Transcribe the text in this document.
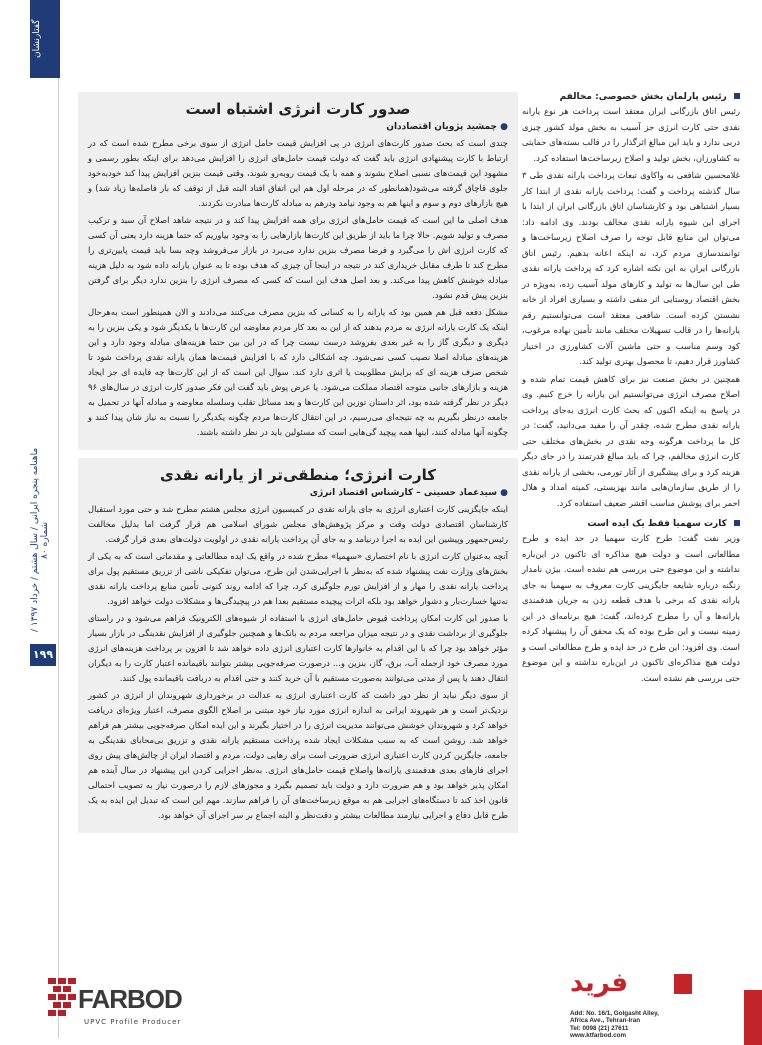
گفتارنشان
ماهنامه پنجره ایرانی / سال هشتم / خرداد ۱۳۹۷ / شماره ۸۰
۱۹۹
صدور کارت انرژی اشتباه است
● چمشید پژویان اقتصاددان

چندی است که بحث صدور کارت‌های انرژی در پی افزایش قیمت حامل انرژی از سوی برخی مطرح شده است که در ارتباط با کارت پیشنهادی انرژی باید گفت که دولت قیمت حامل‌های انرژی را افزایش می‌دهد برای اینکه بطور رسمی و مشهود این قیمت‌های نسبی اصلاح بشوند و همه با یک قیمت روبه‌رو شوند، وقتی قیمت بنزین افزایش پیدا کند خودبه‌خود جلوی قاچاق گرفته می‌شود(همانطور که در مرحله اول هم این اتفاق افتاد البته قبل از توقف که بار فاصله‌ها زیاد شد) و هیچ بازارهای دوم و سوم و اینها هم به وجود نیامد ودرهم به مبادله کارت‌ها مبادرت نکردند.

هدف اصلی ما این است که قیمت حامل‌های انرژی برای همه افزایش پیدا کند و در نتیجه شاهد اصلاح آن سبد و ترکیب مصرف و تولید شویم. حالا چرا ما باید از طریق این کارت‌ها بازارهایی را به وجود بیاوریم که حتما هزینه دارد یعنی آن کسی که کارت انرژی اش را می‌گیرد و فرضا مصرف بنزین ندارد می‌برد در بازار می‌فروشد وچه بسا باید قیمت پایین‌تری را مطرح کند تا طرف مقابل خریداری کند در نتیجه در اینجا آن چیزی که هدف بوده تا به عنوان یارانه داده شود به دلیل هزینه مبادله خوشش کاهش پیدا می‌کند. و بعد اصل هدف این است که کسی که مصرف انرژی را بنزین ندارد دیگر برای گرفتن بنزین پیش قدم نشود.

مشکل دفعه قبل هم همین بود که یارانه را به کسانی که بنزین مصرف می‌کنند می‌دادند و الان همینطور است به‌هرحال اینکه یک کارت یارانه انرژی به مردم بدهند که از این به بعد کار مردم معاوضه این کارت‌ها با یکدیگر شود و یکی بنزین را به دیگری و دیگری گاز را به غیر بعدی بفروشد درست نیست چرا که در این بین حتما هزینه‌های مبادله وجود دارد و این هزینه‌های مبادله اصلا نصیب کسی نمی‌شود. چه اشکالی دارد که با افزایش قیمت‌ها همان یارانه نقدی پرداخت شود تا شخص صرف هزینه ای که برایش مطلوبیت یا اثری دارد کند. سوال این است که از این کارت‌ها چه فایده ای جز ایجاد هزینه و بازارهای جانبی متوجه اقتصاد مملکت می‌شود. یا عرض پوش باید گفت این فکر صدور کارت انرژی در سال‌های ۹۶ دیگر در نظر گرفته شده بود، اثر داستان توزین این کارت‌ها و بعد مسائل تقلب وسلسله معاوضه و مبادله آنها در تحمیل به جامعه درنظر بگیریم به چه نتیجه‌ای می‌رسیم، در این انتقال کارت‌ها مردم چگونه یکدیگر را نسبت به نیاز شان پیدا کنند و چگونه آنها مبادله کنند، اینها همه پیچید گی‌هایی است که مسئولین باید در نظر داشته باشند.

کارت انرژی؛ منطقی‌تر از یارانه نقدی
● سیدعماد حسینی – کارشناس اقتصاد انرژی

اینکه جایگزینی کارت اعتباری انرژی به جای یارانه نقدی در کمیسیون انرژی مجلس هشتم مطرح شد و حتی مورد استقبال کارشناسان اقتصادی دولت وقت و مرکز پژوهش‌های مجلس شورای اسلامی هم قرار گرفت اما بدلیل مخالفت رئیس‌جمهور وپیشین این ایده به اجرا درنیامد و به جای آن پرداخت یارانه نقدی در اولویت دولت‌های بعدی قرار گرفت.

آنچه به‌عنوان کارت انرژی با نام اختصاری «سهمیا» مطرح شده در واقع یک ایده مطالعاتی و مقدماتی است که به یکی از بخش‌های وزارت نفت پیشنهاد شده که به‌نظر با اجرایی‌شدن این طرح، می‌توان تفکیکی ناشی از تزریق مستقیم پول برای پرداخت یارانه نقدی را مهار و از افزایش تورم جلوگیری کرد، چرا که ادامه روند کنونی تأمین منابع پرداخت یارانه نقدی نه‌تنها خسارت‌بار و دشوار خواهد بود بلکه اثرات پیچیده مستقیم بعدا هم در پیچیدگی‌ها و مشکلات دولت خواهد افزود.

با صدور این کارت امکان پرداخت قیوض حامل‌های انرژی با استفاده از شیوه‌های الکترونیک فراهم می‌شود و در راستای جلوگیری از برداشت نقدی و در نتیجه میزان مراجعه مردم به بانک‌ها و همچنین جلوگیری از افزایش نقدینگی در بازار بسیار مؤثر خواهد بود چرا که با این اقدام به خانوارها کارت اعتباری انرژی داده خواهد شد تا افزون بر پرداخت هزینه‌های انرژی مورد مصرف خود ازجمله آب، برق، گاز، بنزین و... درصورت صرفه‌جویی بیشتر بتوانند باقیمانده اعتبار کارت را به دیگران انتقال دهند یا پس از مدتی می‌توانند به‌صورت مستقیم با آن خرید کنند و حتی اقدام به دریافت باقیمانده پول کنند.

از سوی دیگر نباید از نظر دور داشت که کارت اعتباری انرژی به عدالت در برخورداری شهروندان از انرژی در کشور نزدیک‌تر است و هر شهروند ایرانی به اندازه انرژی مورد نیاز خود مبتنی بر اصلاح الگوی مصرف، اعتبار ویژه‌ای دریافت خواهد کرد و شهروندان خوشش می‌توانند مدیریت انرژی را در اختیار بگیرند و این ایده امکان صرفه‌جویی بیشتر هم فراهم خواهد شد. روشن است که به سبب مشکلات ایجاد شده پرداخت مستقیم یارانه نقدی و تزریق بی‌محابای نقدینگی به جامعه، جایگزین کردن کارت اعتباری انرژی ضرورتی است برای رهایی دولت، مردم و اقتصاد ایران از چالش‌های پیش روی اجرای فازهای بعدی هدفمندی یارانه‌ها واصلاح قیمت حامل‌های انرژی. به‌نظر اجرایی کردن این پیشنهاد در سال آینده هم امکان پذیر خواهد بود و هم ضرورت دارد و دولت باید تصمیم بگیرد و مجوزهای لازم را درصورت نیاز به تصویب احتمالی قانون اخذ کند تا دستگاه‌های اجرایی هم به موقع زیرساخت‌های آن را فراهم سازند. مهم این است که تبدیل این ایده به یک طرح قابل دفاع و اجرایی نیازمند مطالعات بیشتر و دقت‌نظر و البته اجماع بر سر اجرای آن خواهد بود.

رئیس پارلمان بخش خصوصی: مخالفم

رئیس اتاق بازرگانی ایران معتقد است پرداخت هر نوع یارانه نقدی حتی کارت انرژی جز آسیب به بخش مولد کشور چیزی دربی ندارد و باید این مبالغ اثرگذار را در قالب بسته‌های حمایتی به کشاورزان، بخش تولید و اصلاح زیرساخت‌ها استفاده کرد.

غلامحسین شافعی به واکاوی تبعات پرداخت یارانه نقدی طی ۳ سال گذشته پرداخت و گفت: پرداخت یارانه نقدی از ابتدا کار بسیار اشتباهی بود و کارشناسان اتاق بازرگانی ایران از ابتدا با اجرای این شیوه یارانه نقدی مخالف بودند. وی ادامه داد: می‌توان این منابع قابل توجه را صرف اصلاح زیرساخت‌ها و توانمندسازی مردم کرد، نه اینکه اعانه بدهیم. رئیس اتاق بازرگانی ایران به این نکته اشاره کرد که پرداخت یارانه نقدی طی این سال‌ها به تولید و کارهای مولد آسیب زده، به‌ویژه در بخش اقتصاد روستایی اثر منفی داشته و بسیاری افراد از خانه نشستن کرده است. شافعی معتقد است می‌توانستیم رقم یارانه‌ها را در قالب تسهیلات مختلف مانند تأمین نهاده مرغوب، کود وسم مناسب و حتی ماشین آلات کشاورزی در اختیار کشاورز قرار دهیم، تا محصول بهتری تولید کند.

همچنین در بخش صنعت نیز برای کاهش قیمت تمام شده و اصلاح مصرف انرژی می‌توانستیم این یارانه را خرج کنیم. وی در پاسخ به اینکه اکنون که بحث کارت انرژی به‌جای پرداخت یارانه نقدی مطرح شده، چقدر آن را مفید می‌دانید، گفت: در کل ما پرداخت هرگونه وجه نقدی در بخش‌های مختلف حتی کارت انرژی مخالفم، چرا که باید مبالغ قدرتمند را در جای دیگر هزینه کرد و برای پیشگیری از آثار تورمی، بخشی از یارانه نقدی را از طریق سازمان‌هایی مانند بهزیستی، کمیته امداد و هلال احمر برای پوشش مناسب اقشر ضعیف استفاده کرد.

کارت سهمیا فقط یک ایده است

وزیر نفت گفت: طرح کارت سهمیا در حد ایده و طرح مطالعاتی است و دولت هیچ مذاکره ای تاکنون در این‌باره نداشته و این موضوع حتی بررسی هم نشده است. بیژن نامدار زنگنه درباره شایعه جایگزینی کارت معروف به سهمیا به جای یارانه نقدی که برخی با هدف قطعه زدن به جریان هدفمندی یارانه‌ها و آن را مطرح کرده‌اند، گفت: هیچ برنامه‌ای در این زمینه نیست و این طرح بوده که یک محقق آن را پیشنهاد کرده است. وی افزود: این طرح در حد ایده و طرح مطالعاتی است و دولت هیچ مذاکره‌ای تاکنون در این‌باره نداشته و این موضوع حتی بررسی هم نشده است.

FARBOD
UPVC Profile Producer
فرید
Add: No. 16/1, Golgasht Alley,
Africa Ave., Tehran-Iran
Tel: 0098 (21) 27611
www.ktfarbod.com
